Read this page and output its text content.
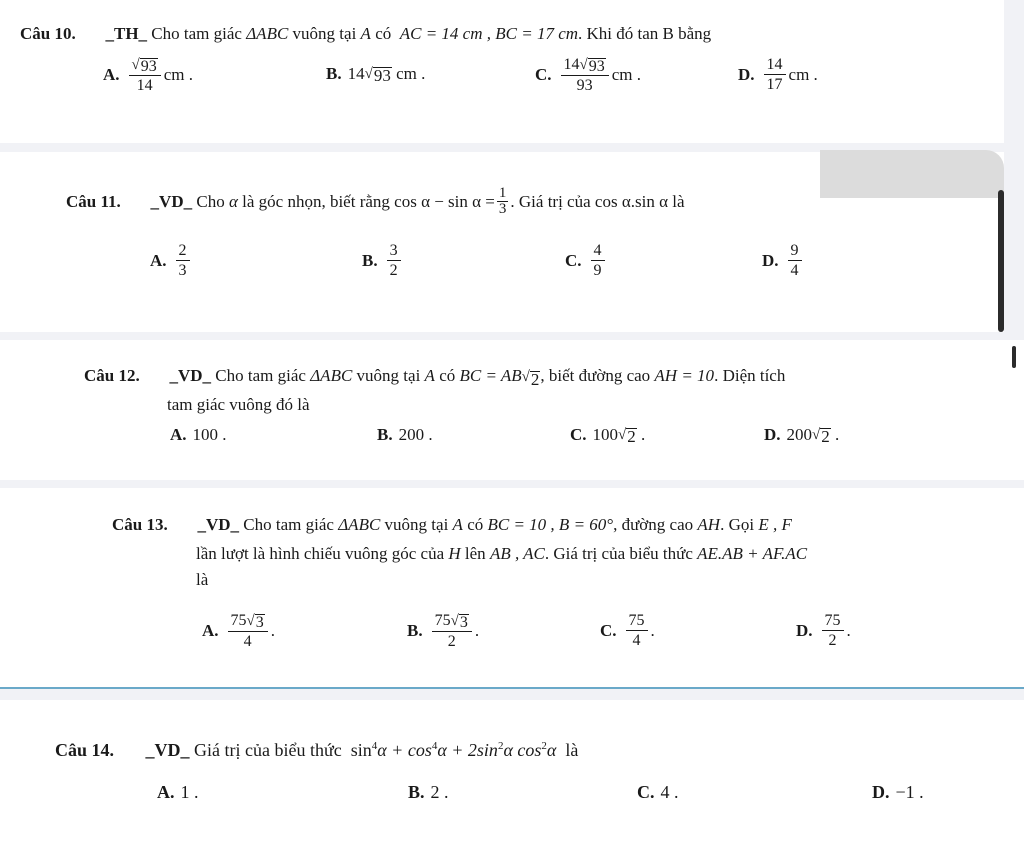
Câu 10. _TH_ Cho tam giác ΔABC vuông tại A có AC = 14 cm , BC = 17 cm. Khi đó tan B bằng
A. $\frac{√ 93}{14}$ cm .	B. 14 √ 93
cm .	C. $\frac{14 √ 93}{93}$ cm .	D. $\frac{14}{17}$ cm .
Câu 11.
_VD_
Cho
α
là góc nhọn, biết rằng
$\cos \alpha - \sin \alpha = \frac{1}{3}$ . Giá trị của
cos α.sin α
là
A. $\frac{2}{3}$	B. $\frac{3}{2}$	C. $\frac{4}{9}$	D. $\frac{9}{4}$
Câu 12. _VD_ Cho tam giác ΔABC vuông tại A có BC = AB √ 2 , biết đường cao AH = 10. Diện tích
tam giác vuông đó là
A. 100 .	B. 200 .	C. 100 √ 2
.	D. 200 √ 2
.
Câu 13. _VD_ Cho tam giác ΔABC vuông tại A có BC = 10 , B = 60°, đường cao AH. Gọi E , F
lần lượt là hình chiếu vuông góc của H lên AB , AC. Giá trị của biểu thức AE.AB + AF.AC
là
A. $\frac{75 √ 3}{4}$ .	B. $\frac{75 √ 3}{2}$ .	C. $\frac{75}{4}$ .	D. $\frac{75}{2}$ .
Câu 14. _VD_ Giá trị của biểu thức $\sin^4\alpha + \cos^4\alpha + 2\sin^2\alpha$ $\cos^2\alpha$ là
A. 1 .	B. 2 .	C. 4 .	D. −1 .
